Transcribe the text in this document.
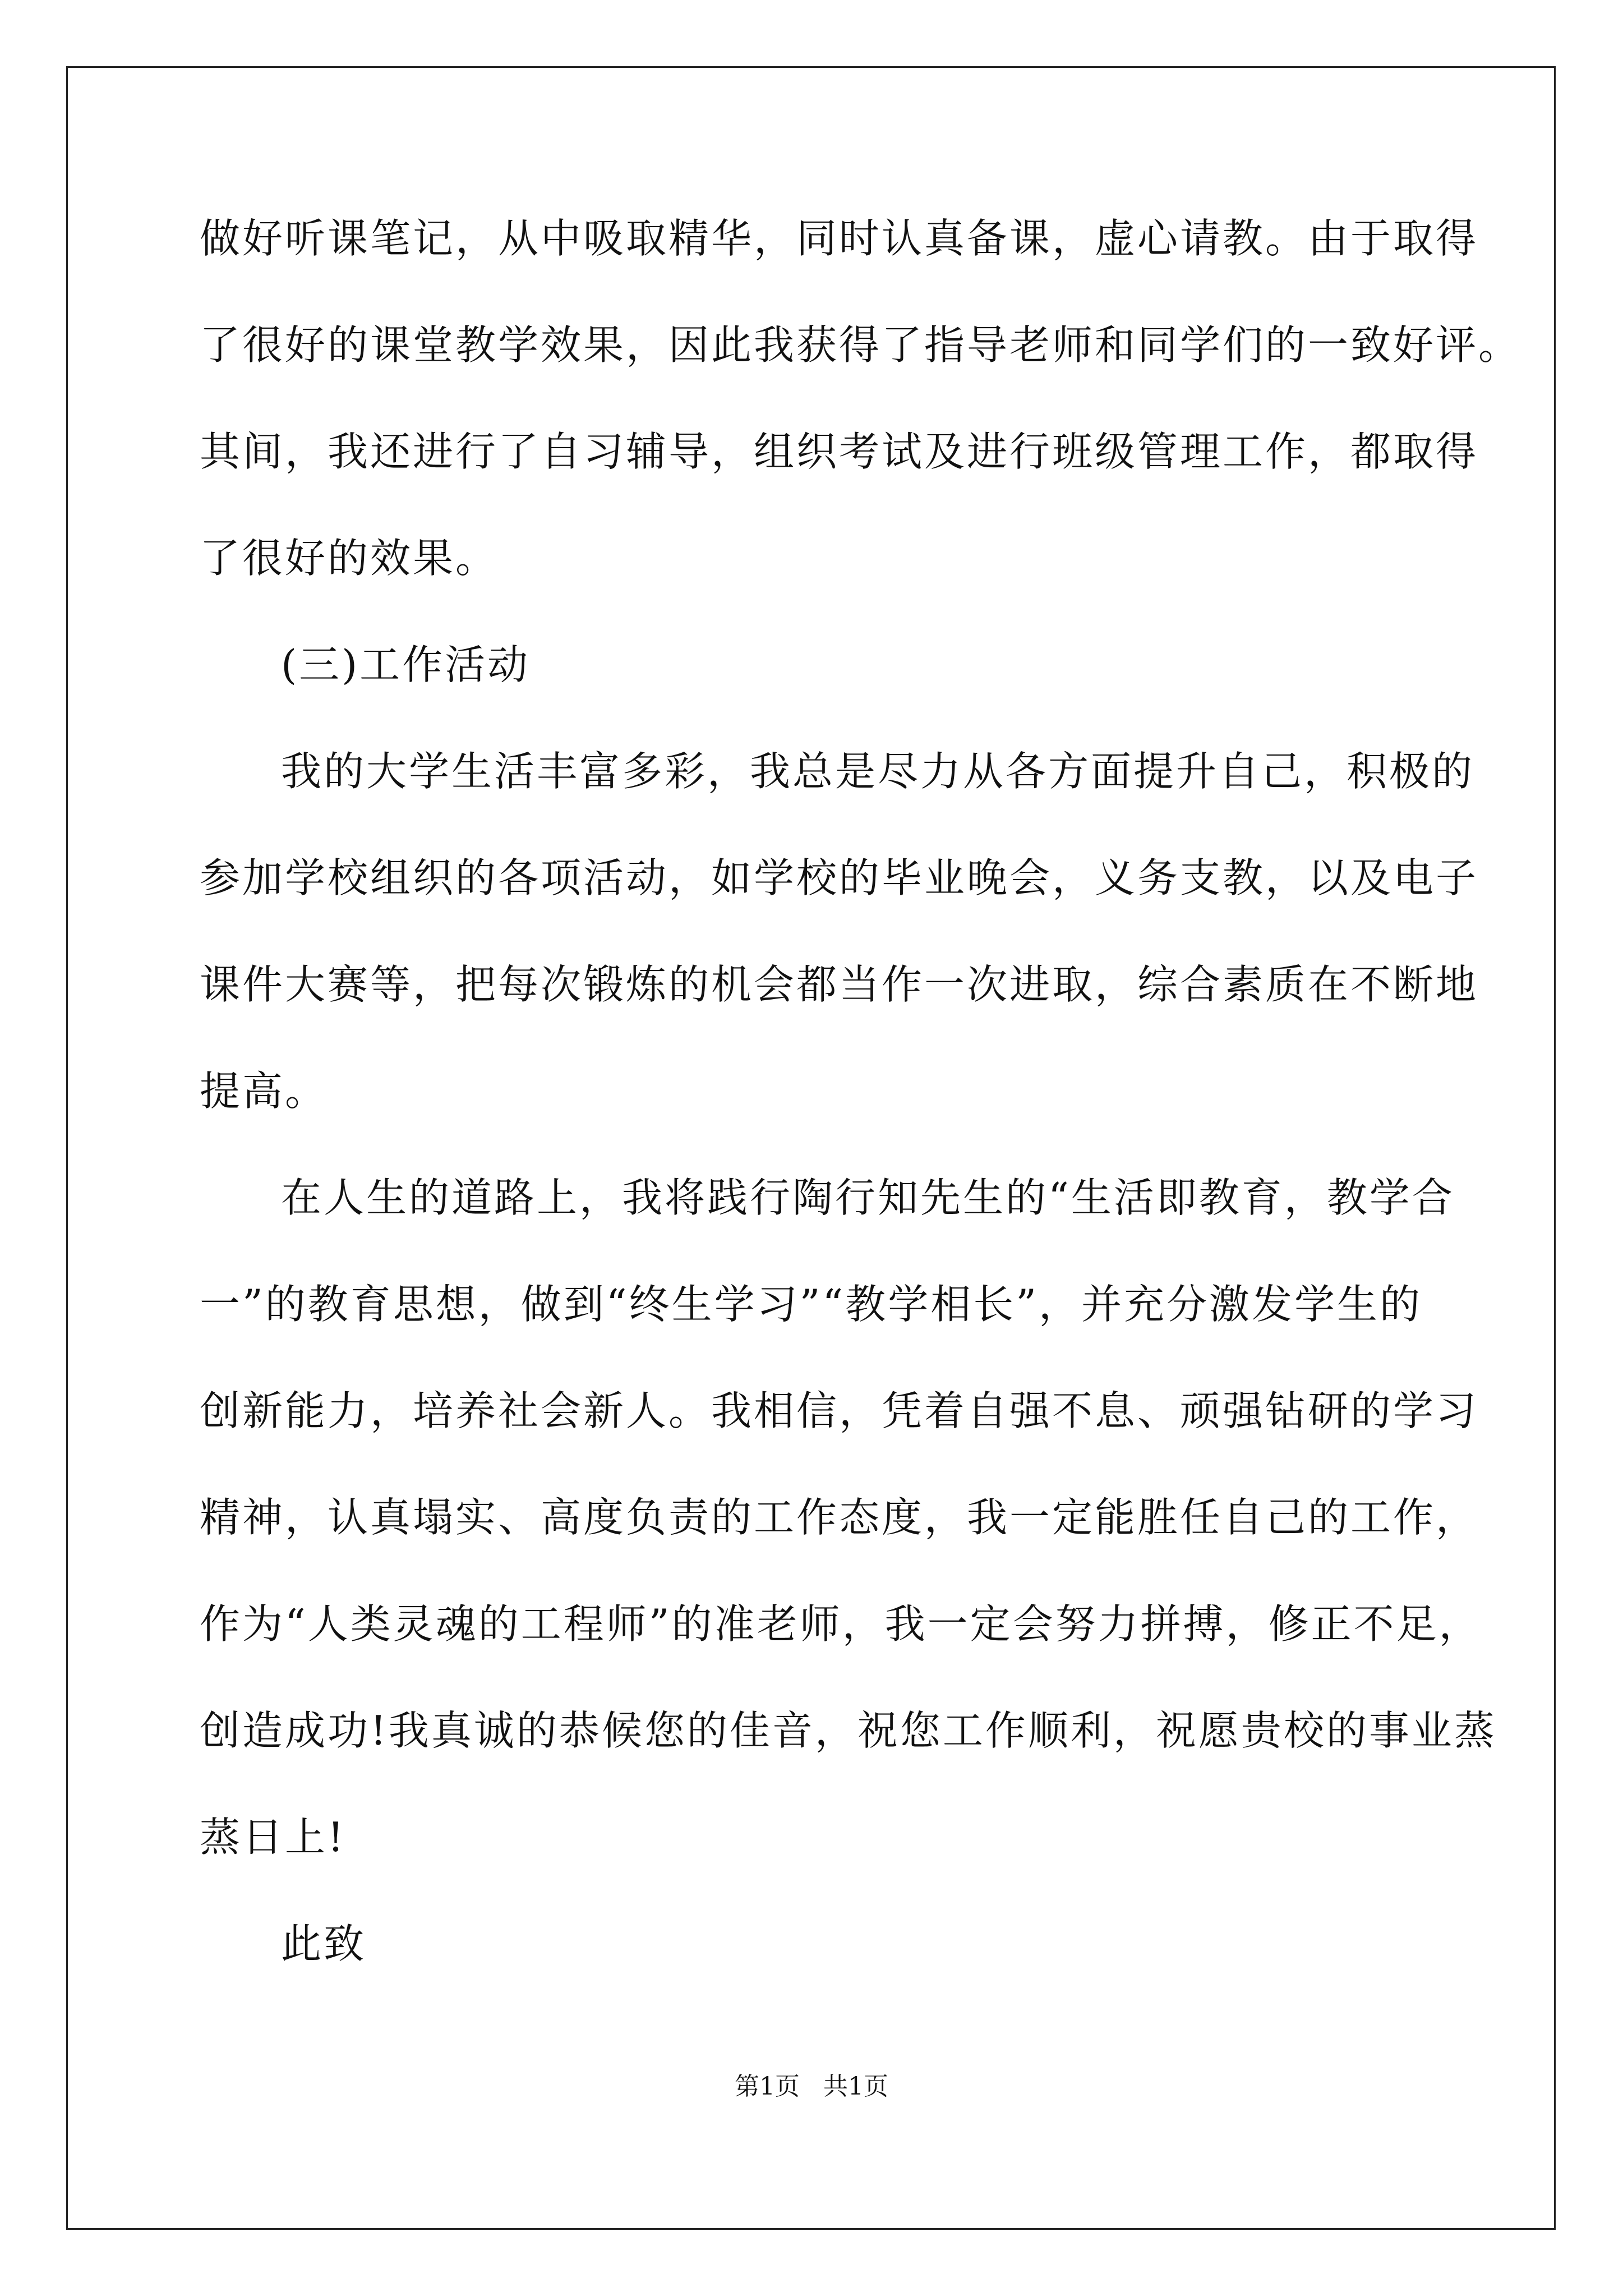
做好听课笔记，从中吸取精华，同时认真备课，虚心请教。由于取得
了很好的课堂教学效果，因此我获得了指导老师和同学们的一致好评。
其间，我还进行了自习辅导，组织考试及进行班级管理工作，都取得
了很好的效果。
(三)工作活动
我的大学生活丰富多彩，我总是尽力从各方面提升自己，积极的
参加学校组织的各项活动，如学校的毕业晚会，义务支教，以及电子
课件大赛等，把每次锻炼的机会都当作一次进取，综合素质在不断地
提高。
在人生的道路上，我将践行陶行知先生的“生活即教育，教学合
一”的教育思想，做到“终生学习”“教学相长”，并充分激发学生的
创新能力，培养社会新人。我相信，凭着自强不息、顽强钻研的学习
精神，认真塌实、高度负责的工作态度，我一定能胜任自己的工作，
作为“人类灵魂的工程师”的准老师，我一定会努力拼搏，修正不足，
创造成功!我真诚的恭候您的佳音，祝您工作顺利，祝愿贵校的事业蒸
蒸日上!
此致
第1页   共1页
